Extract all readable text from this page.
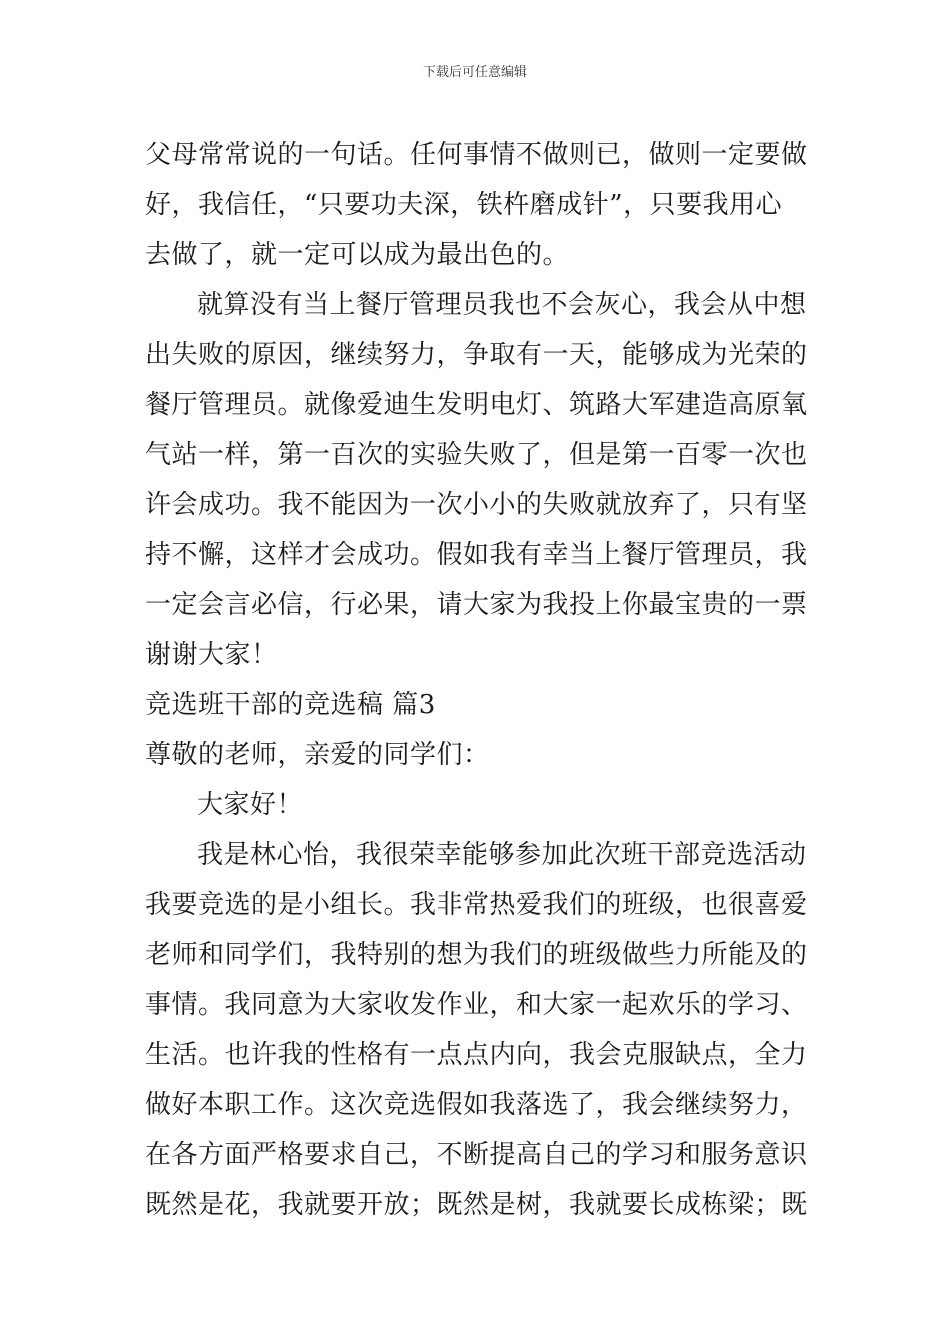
下载后可任意编辑
父母常常说的一句话。任何事情不做则已，做则一定要做
好，我信任，“只要功夫深，铁杵磨成针”，只要我用心
去做了，就一定可以成为最出色的。
就算没有当上餐厅管理员我也不会灰心，我会从中想
出失败的原因，继续努力，争取有一天，能够成为光荣的
餐厅管理员。就像爱迪生发明电灯、筑路大军建造高原氧
气站一样，第一百次的实验失败了，但是第一百零一次也
许会成功。我不能因为一次小小的失败就放弃了，只有坚
持不懈，这样才会成功。假如我有幸当上餐厅管理员，我
一定会言必信，行必果，请大家为我投上你最宝贵的一票
谢谢大家！
竞选班干部的竞选稿 篇3
尊敬的老师，亲爱的同学们：
大家好！
我是林心怡，我很荣幸能够参加此次班干部竞选活动
我要竞选的是小组长。我非常热爱我们的班级，也很喜爱
老师和同学们，我特别的想为我们的班级做些力所能及的
事情。我同意为大家收发作业，和大家一起欢乐的学习、
生活。也许我的性格有一点点内向，我会克服缺点，全力
做好本职工作。这次竞选假如我落选了，我会继续努力，
在各方面严格要求自己，不断提高自己的学习和服务意识
既然是花，我就要开放；既然是树，我就要长成栋梁；既
